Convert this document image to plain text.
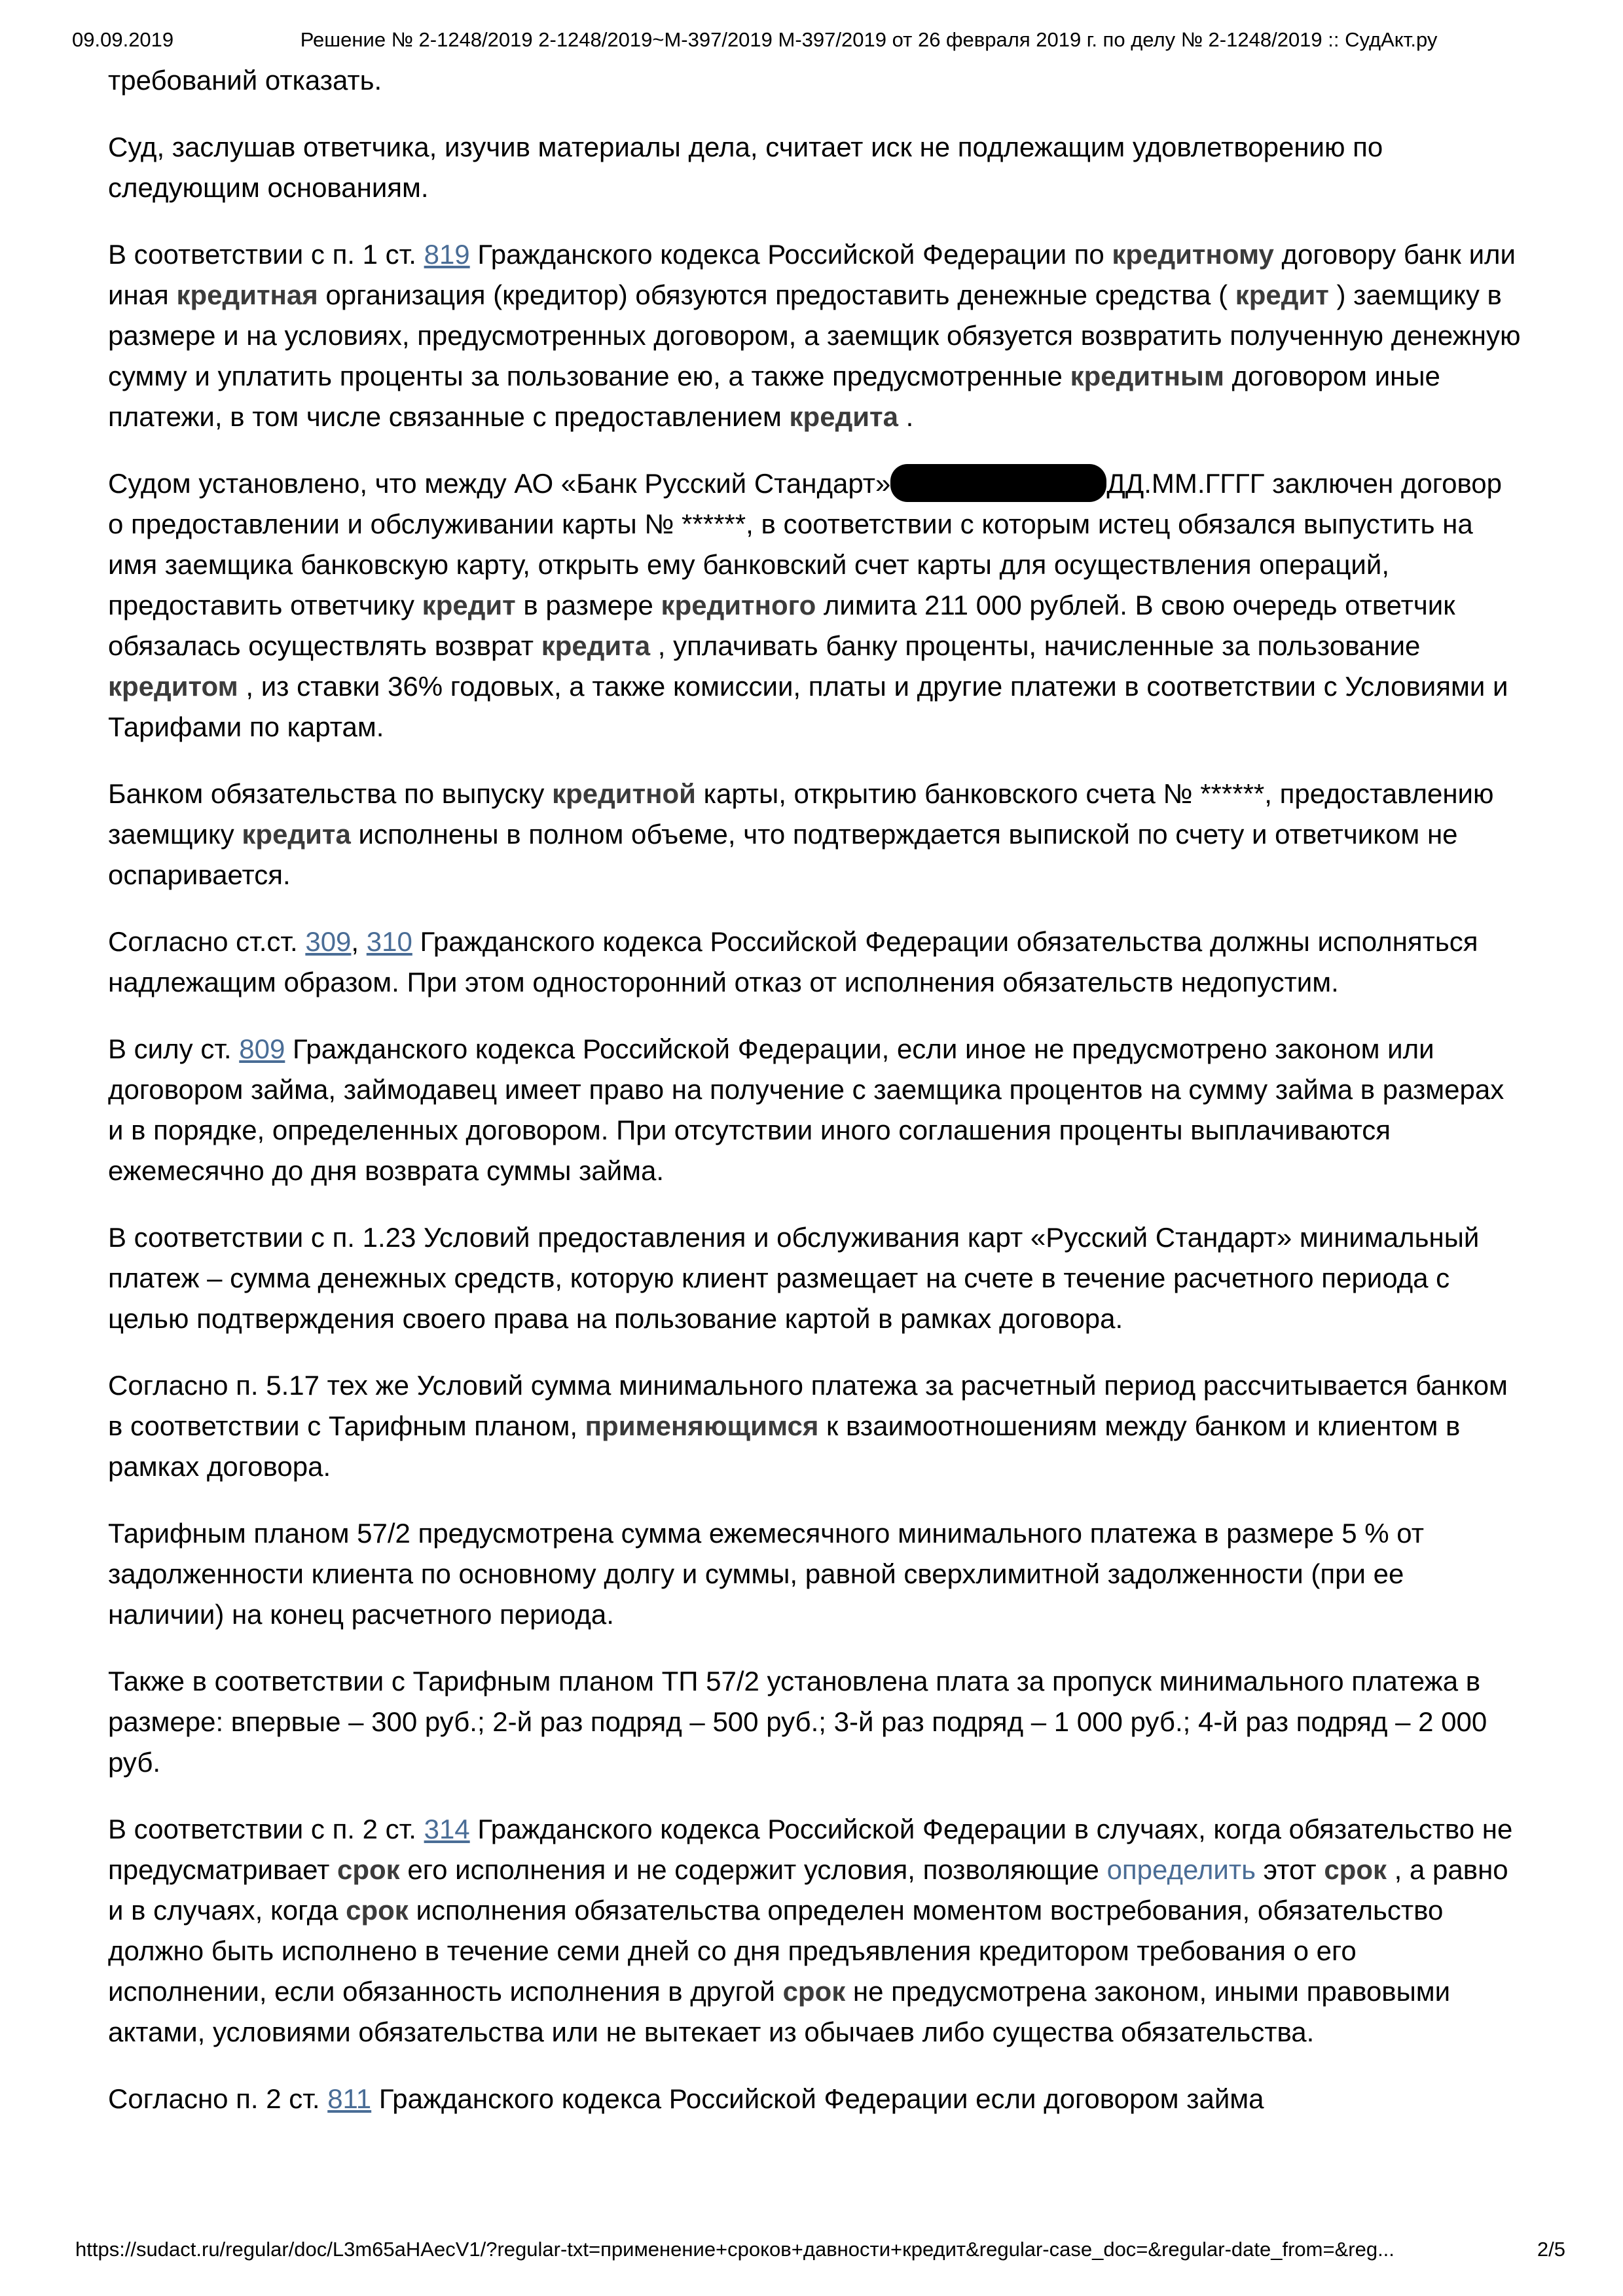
09.09.2019	Решение № 2-1248/2019 2-1248/2019~М-397/2019 М-397/2019 от 26 февраля 2019 г. по делу № 2-1248/2019 :: СудАкт.ру

требований отказать.

Суд, заслушав ответчика, изучив материалы дела, считает иск не подлежащим удовлетворению по следующим основаниям.

В соответствии с п. 1 ст. 819 Гражданского кодекса Российской Федерации по кредитному договору банк или иная кредитная организация (кредитор) обязуются предоставить денежные средства ( кредит ) заемщику в размере и на условиях, предусмотренных договором, а заемщик обязуется возвратить полученную денежную сумму и уплатить проценты за пользование ею, а также предусмотренные кредитным договором иные платежи, в том числе связанные с предоставлением кредита .

Судом установлено, что между АО «Банк Русский Стандарт»	ДД.ММ.ГГГГ заключен договор о предоставлении и обслуживании карты № ******, в соответствии с которым истец обязался выпустить на имя заемщика банковскую карту, открыть ему банковский счет карты для осуществления операций, предоставить ответчику кредит в размере кредитного лимита 211 000 рублей. В свою очередь ответчик обязалась осуществлять возврат кредита , уплачивать банку проценты, начисленные за пользование кредитом , из ставки 36% годовых, а также комиссии, платы и другие платежи в соответствии с Условиями и Тарифами по картам.

Банком обязательства по выпуску кредитной карты, открытию банковского счета № ******, предоставлению заемщику кредита исполнены в полном объеме, что подтверждается выпиской по счету и ответчиком не оспаривается.

Согласно ст.ст. 309, 310 Гражданского кодекса Российской Федерации обязательства должны исполняться надлежащим образом. При этом односторонний отказ от исполнения обязательств недопустим.

В силу ст. 809 Гражданского кодекса Российской Федерации, если иное не предусмотрено законом или договором займа, займодавец имеет право на получение с заемщика процентов на сумму займа в размерах и в порядке, определенных договором. При отсутствии иного соглашения проценты выплачиваются ежемесячно до дня возврата суммы займа.

В соответствии с п. 1.23 Условий предоставления и обслуживания карт «Русский Стандарт» минимальный платеж – сумма денежных средств, которую клиент размещает на счете в течение расчетного периода с целью подтверждения своего права на пользование картой в рамках договора.

Согласно п. 5.17 тех же Условий сумма минимального платежа за расчетный период рассчитывается банком в соответствии с Тарифным планом, применяющимся к взаимоотношениям между банком и клиентом в рамках договора.

Тарифным планом 57/2 предусмотрена сумма ежемесячного минимального платежа в размере 5 % от задолженности клиента по основному долгу и суммы, равной сверхлимитной задолженности (при ее наличии) на конец расчетного периода.

Также в соответствии с Тарифным планом ТП 57/2 установлена плата за пропуск минимального платежа в размере: впервые – 300 руб.; 2-й раз подряд – 500 руб.; 3-й раз подряд – 1 000 руб.; 4-й раз подряд – 2 000 руб.

В соответствии с п. 2 ст. 314 Гражданского кодекса Российской Федерации в случаях, когда обязательство не предусматривает срок его исполнения и не содержит условия, позволяющие определить этот срок , а равно и в случаях, когда срок исполнения обязательства определен моментом востребования, обязательство должно быть исполнено в течение семи дней со дня предъявления кредитором требования о его исполнении, если обязанность исполнения в другой срок не предусмотрена законом, иными правовыми актами, условиями обязательства или не вытекает из обычаев либо существа обязательства.

Согласно п. 2 ст. 811 Гражданского кодекса Российской Федерации если договором займа

https://sudact.ru/regular/doc/L3m65aHAecV1/?regular-txt=применение+сроков+давности+кредит&regular-case_doc=&regular-date_from=&reg...	2/5
